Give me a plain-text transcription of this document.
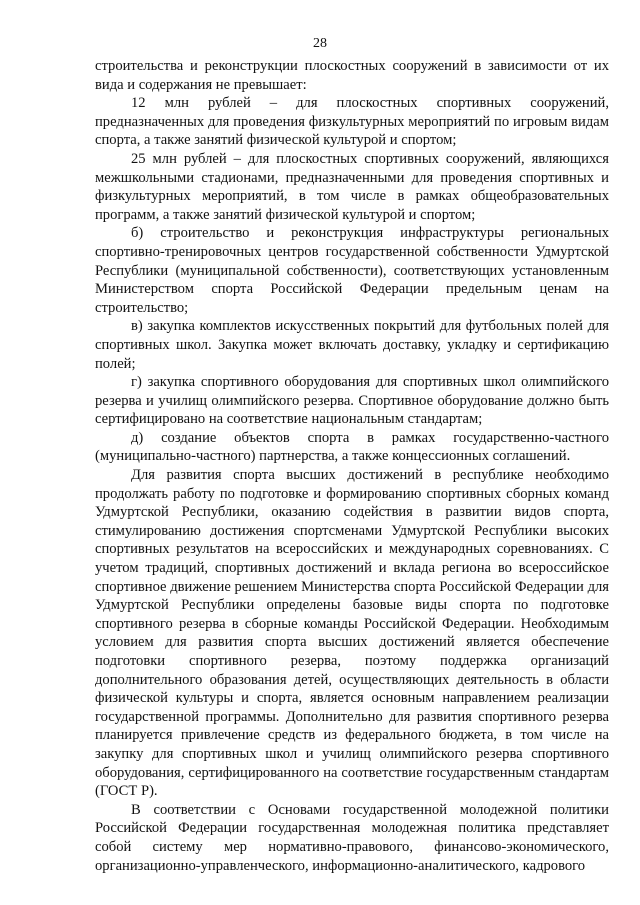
28

строительства и реконструкции плоскостных сооружений в зависимости от их вида и содержания не превышает:

12 млн рублей – для плоскостных спортивных сооружений, предназначенных для проведения физкультурных мероприятий по игровым видам спорта, а также занятий физической культурой и спортом;

25 млн рублей – для плоскостных спортивных сооружений, являющихся межшкольными стадионами, предназначенными для проведения спортивных и физкультурных мероприятий, в том числе в рамках общеобразовательных программ, а также занятий физической культурой и спортом;

б) строительство и реконструкция инфраструктуры региональных спортивно-тренировочных центров государственной собственности Удмуртской Республики (муниципальной собственности), соответствующих установленным Министерством спорта Российской Федерации предельным ценам на строительство;

в) закупка комплектов искусственных покрытий для футбольных полей для спортивных школ. Закупка может включать доставку, укладку и сертификацию полей;

г) закупка спортивного оборудования для спортивных школ олимпийского резерва и училищ олимпийского резерва. Спортивное оборудование должно быть сертифицировано на соответствие национальным стандартам;

д) создание объектов спорта в рамках государственно-частного (муниципально-частного) партнерства, а также концессионных соглашений.

Для развития спорта высших достижений в республике необходимо продолжать работу по подготовке и формированию спортивных сборных команд Удмуртской Республики, оказанию содействия в развитии видов спорта, стимулированию достижения спортсменами Удмуртской Республики высоких спортивных результатов на всероссийских и международных соревнованиях. С учетом традиций, спортивных достижений и вклада региона во всероссийское спортивное движение решением Министерства спорта Российской Федерации для Удмуртской Республики определены базовые виды спорта по подготовке спортивного резерва в сборные команды Российской Федерации. Необходимым условием для развития спорта высших достижений является обеспечение подготовки спортивного резерва, поэтому поддержка организаций дополнительного образования детей, осуществляющих деятельность в области физической культуры и спорта, является основным направлением реализации государственной программы. Дополнительно для развития спортивного резерва планируется привлечение средств из федерального бюджета, в том числе на закупку для спортивных школ и училищ олимпийского резерва спортивного оборудования, сертифицированного на соответствие государственным стандартам (ГОСТ Р).

В соответствии с Основами государственной молодежной политики Российской Федерации государственная молодежная политика представляет собой систему мер нормативно-правового, финансово-экономического, организационно-управленческого, информационно-аналитического, кадрового
